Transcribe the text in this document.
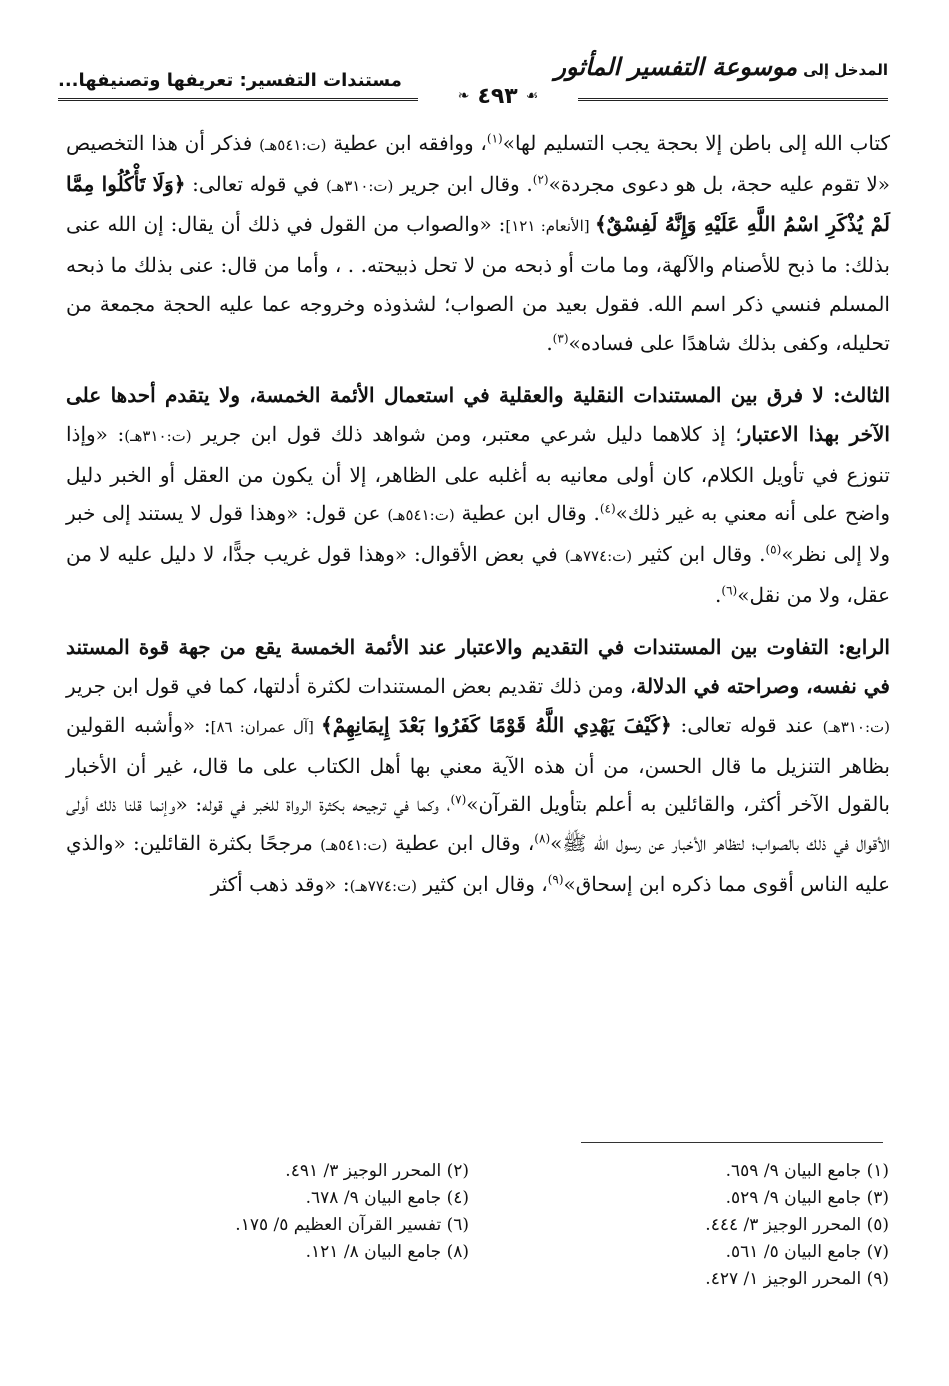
المدخل إلى
موسوعة التفسير المأثور
مستندات التفسير: تعريفها وتصنيفها...
❧ ٤٩٣ ☙

كتاب الله إلى باطن إلا بحجة يجب التسليم لها»$^{(١)}$، ووافقه ابن عطية (ت:٥٤١هـ) فذكر أن هذا التخصيص «لا تقوم عليه حجة، بل هو دعوى مجردة»$^{(٢)}$. وقال ابن جرير (ت:٣١٠هـ) في قوله تعالى: ﴿وَلَا تَأْكُلُوا مِمَّا لَمْ يُذْكَرِ اسْمُ اللَّهِ عَلَيْهِ وَإِنَّهُ لَفِسْقٌ﴾ [الأنعام: ١٢١]: «والصواب من القول في ذلك أن يقال: إن الله عنى بذلك: ما ذبح للأصنام والآلهة، وما مات أو ذبحه من لا تحل ذبيحته. . ، وأما من قال: عنى بذلك ما ذبحه المسلم فنسي ذكر اسم الله. فقول بعيد من الصواب؛ لشذوذه وخروجه عما عليه الحجة مجمعة من تحليله، وكفى بذلك شاهدًا على فساده»$^{(٣)}$.

الثالث: لا فرق بين المستندات النقلية والعقلية في استعمال الأئمة الخمسة، ولا يتقدم أحدها على الآخر بهذا الاعتبار؛ إذ كلاهما دليل شرعي معتبر، ومن شواهد ذلك قول ابن جرير (ت:٣١٠هـ): «وإذا تنوزع في تأويل الكلام، كان أولى معانيه به أغلبه على الظاهر، إلا أن يكون من العقل أو الخبر دليل واضح على أنه معني به غير ذلك»$^{(٤)}$. وقال ابن عطية (ت:٥٤١هـ) عن قول: «وهذا قول لا يستند إلى خبر ولا إلى نظر»$^{(٥)}$. وقال ابن كثير (ت:٧٧٤هـ) في بعض الأقوال: «وهذا قول غريب جدًّا، لا دليل عليه لا من عقل، ولا من نقل»$^{(٦)}$.

الرابع: التفاوت بين المستندات في التقديم والاعتبار عند الأئمة الخمسة يقع من جهة قوة المستند في نفسه، وصراحته في الدلالة، ومن ذلك تقديم بعض المستندات لكثرة أدلتها، كما في قول ابن جرير (ت:٣١٠هـ) عند قوله تعالى: ﴿كَيْفَ يَهْدِي اللَّهُ قَوْمًا كَفَرُوا بَعْدَ إِيمَانِهِمْ﴾ [آل عمران: ٨٦]: «وأشبه القولين بظاهر التنزيل ما قال الحسن، من أن هذه الآية معني بها أهل الكتاب على ما قال، غير أن الأخبار بالقول الآخر أكثر، والقائلين به أعلم بتأويل القرآن»$^{(٧)}$، وكما في ترجيحه بكثرة الرواة للخبر في قوله: «وإنما قلنا ذلك أولى الأقوال في ذلك بالصواب؛ لتظاهر الأخبار عن رسول الله ﷺ»$^{(٨)}$، وقال ابن عطية (ت:٥٤١هـ) مرجحًا بكثرة القائلين: «والذي عليه الناس أقوى مما ذكره ابن إسحاق»$^{(٩)}$، وقال ابن كثير (ت:٧٧٤هـ): «وقد ذهب أكثر

(١) جامع البيان ٩/ ٦٥٩.
(٢) المحرر الوجيز ٣/ ٤٩١.
(٣) جامع البيان ٩/ ٥٢٩.
(٤) جامع البيان ٩/ ٦٧٨.
(٥) المحرر الوجيز ٣/ ٤٤٤.
(٦) تفسير القرآن العظيم ٥/ ١٧٥.
(٧) جامع البيان ٥/ ٥٦١.
(٨) جامع البيان ٨/ ١٢١.
(٩) المحرر الوجيز ١/ ٤٢٧.
